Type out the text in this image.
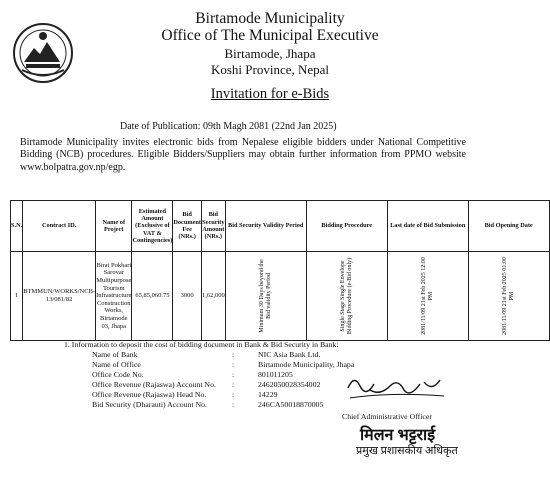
Birtamode Municipality
Office of The Municipal Executive
Birtamode, Jhapa
Koshi Province, Nepal
Invitation for e-Bids
Date of Publication: 09th Magh 2081 (22nd Jan 2025)
Birtamode Municipality invites electronic bids from Nepalese eligible bidders under National Competitive Bidding (NCB) procedures. Eligible Bidders/Suppliers may obtain further information from PPMO website www.bolpatra.gov.np/egp.
S.N.	Contract ID.	Name of Project	Estimated Amount (Exclusive of VAT & Contingencies)	Bid Document Fee (NRs.)	Bid Security Amount (NRs.)	Bid Security Validity Period	Bidding Procedure	Last date of Bid Submission	Bid Opening Date
1	BTMMUN/WORKS/NCB-13/081/82	Birat Pokhari Sarovar Multipurpose Tourism Infrastructure Construction Works, Birtamode 03, Jhapa	65,85,060.75	3000	1,62,000	Minimum 30 Days beyond the Bid validity Period	Single Stage Single Envelope Bidding Procedure (e-Bid only)	2081/11/09 21st Feb 2025 12:00 PM	2081/11/09 21st Feb 2025 01:00 PM
1. Information to deposit the cost of bidding document in Bank & Bid Security in Bank:
Name of Bank	:	NIC Asia Bank Ltd.
Name of Office	:	Birtamode Municipality, Jhapa
Office Code No.	:	801011205
Office Revenue (Rajaswa) Account No. :	2462050028354002
Office Revenue (Rajaswa) Head No.	:	14229
Bid Security (Dharauti) Account No.	:	246CA50018870005
Chief Administrative Officer
मिलन भट्टराई
प्रमुख प्रशासकीय अधिकृत
